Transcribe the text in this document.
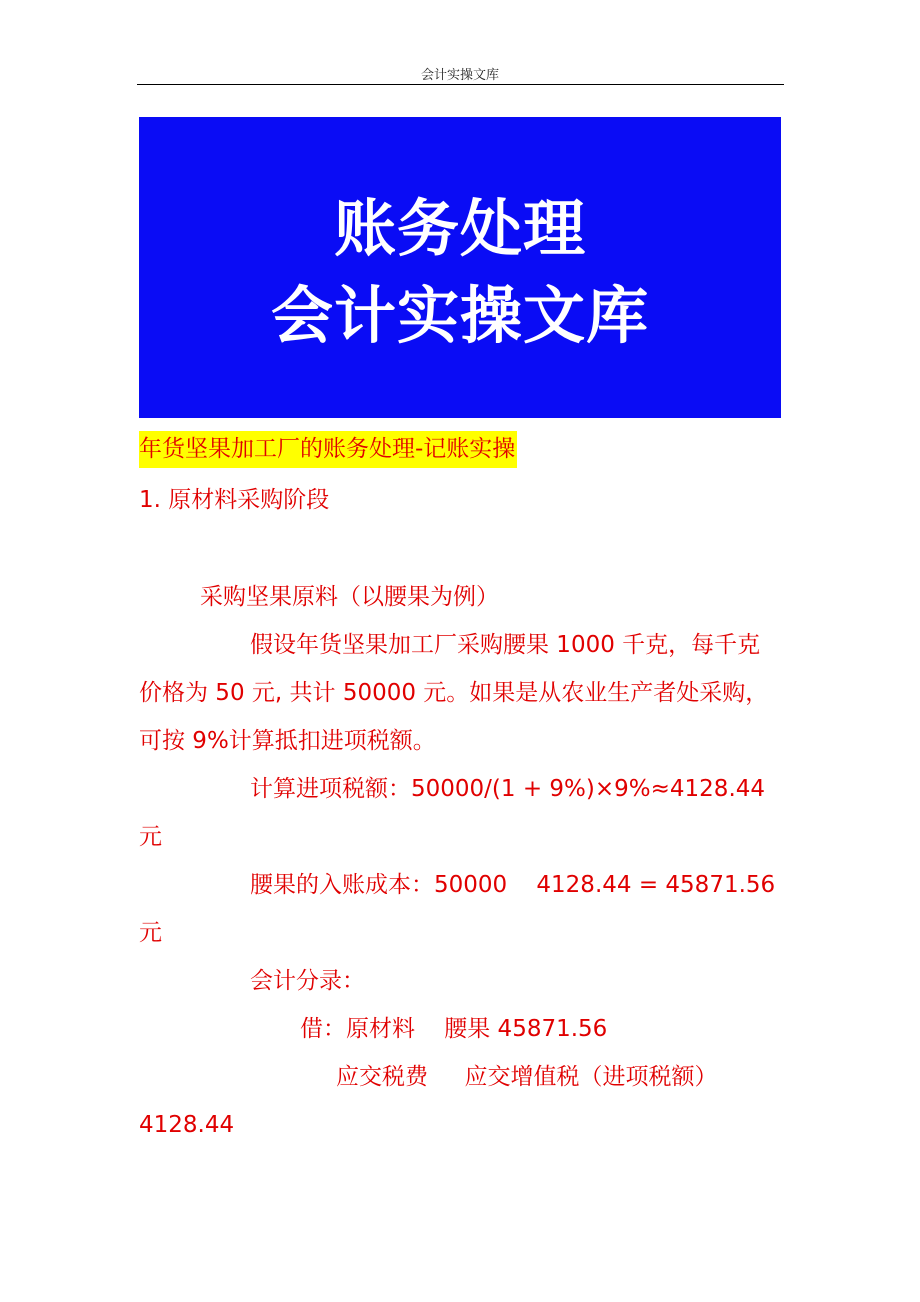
会计实操文库
账务处理
会计实操文库
年货坚果加工厂的账务处理-记账实操

1. 原材料采购阶段

采购坚果原料（以腰果为例）

假设年货坚果加工厂采购腰果 1000 千克，每千克

价格为 50 元, 共计 50000 元。如果是从农业生产者处采购，

可按 9%计算抵扣进项税额。

计算进项税额：50000/(1 + 9%)×9%≈4128.44

元

腰果的入账成本：50000    4128.44 = 45871.56

元

会计分录：

借：原材料    腰果 45871.56

应交税费     应交增值税（进项税额）

4128.44
